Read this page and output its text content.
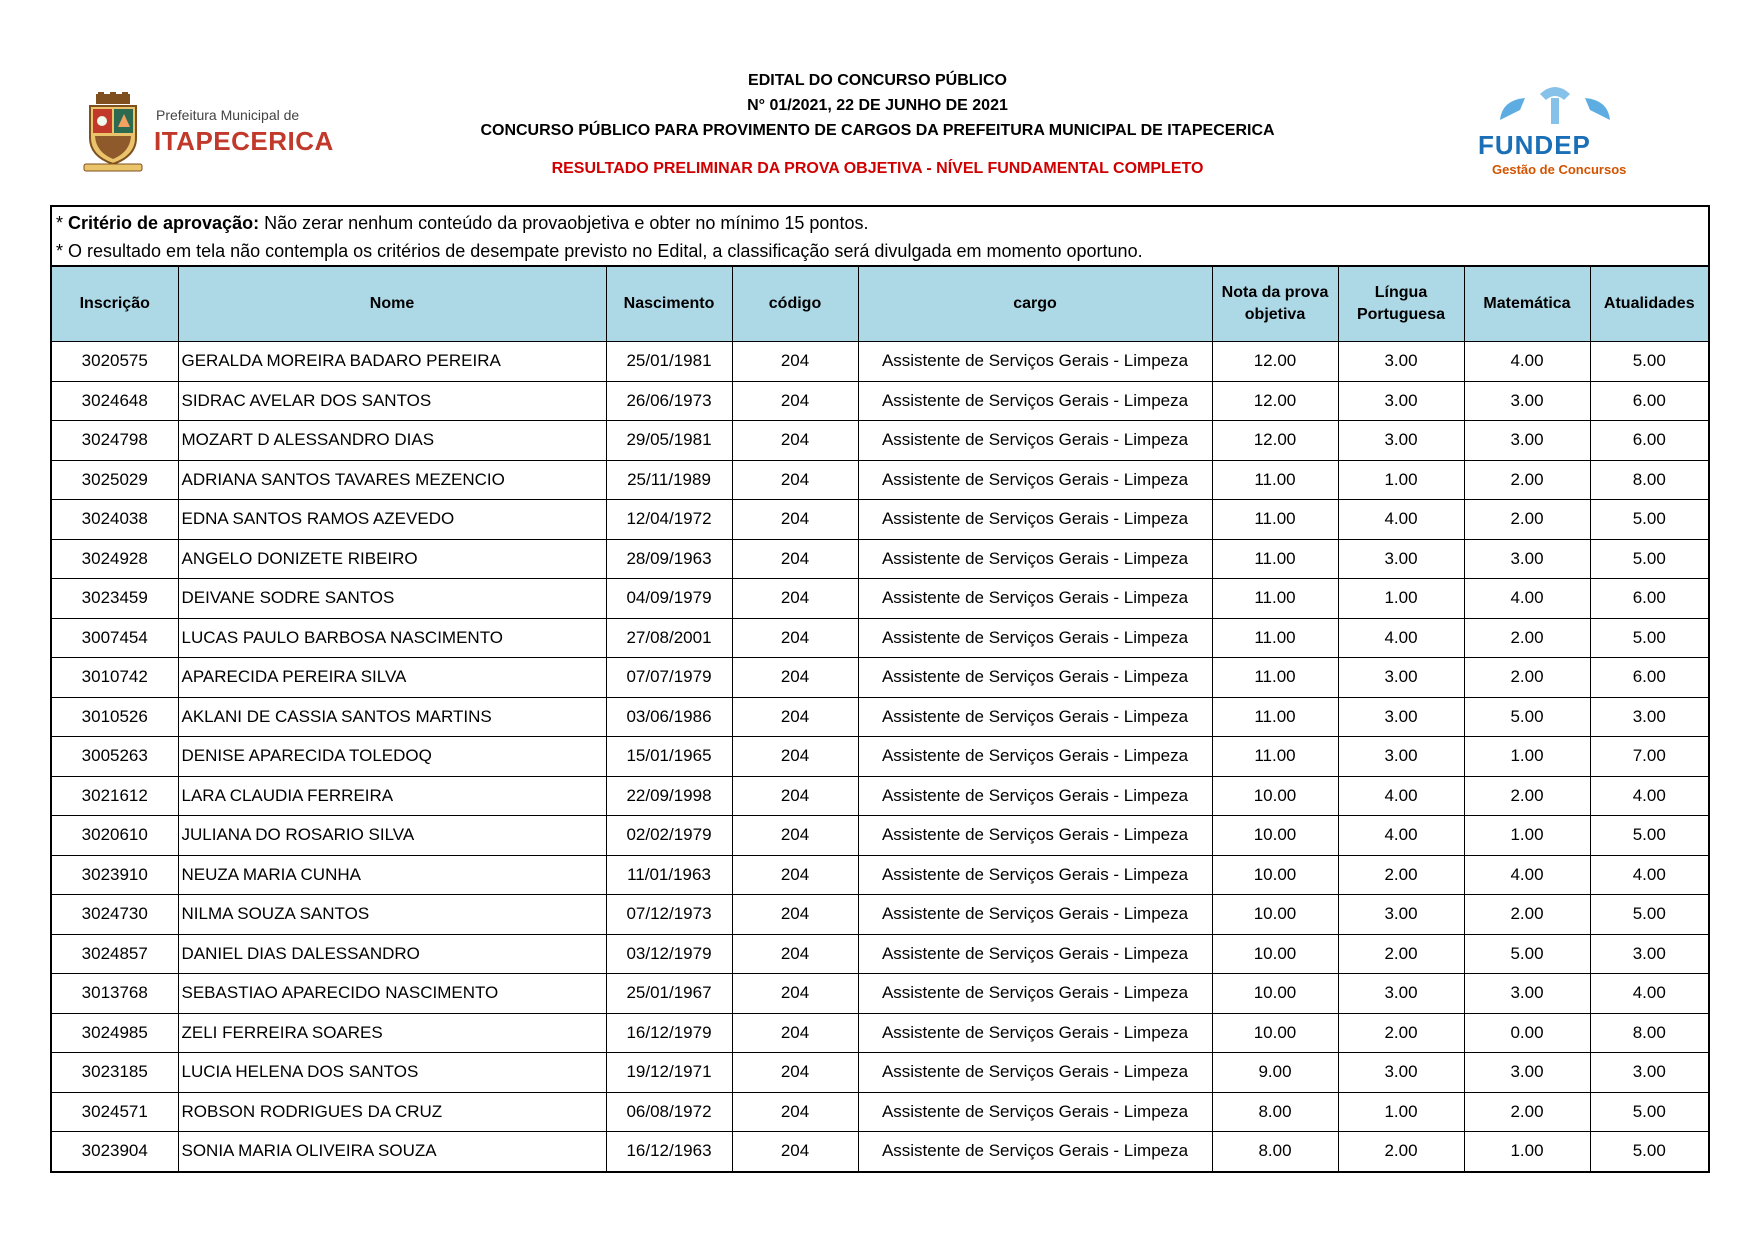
Prefeitura Municipal de
ITAPECERICA
EDITAL DO CONCURSO PÚBLICO
N° 01/2021, 22 DE JUNHO DE 2021
CONCURSO PÚBLICO PARA PROVIMENTO DE CARGOS DA PREFEITURA MUNICIPAL DE ITAPECERICA
RESULTADO PRELIMINAR DA PROVA OBJETIVA - NÍVEL FUNDAMENTAL COMPLETO
FUNDEP
Gestão de Concursos
* Critério de aprovação: Não zerar nenhum conteúdo da provaobjetiva e obter no mínimo 15 pontos.
* O resultado em tela não contempla os critérios de desempate previsto no Edital, a classificação será divulgada em momento oportuno.
Inscrição	Nome	Nascimento	código	cargo	Nota da prova objetiva	Língua Portuguesa	Matemática	Atualidades
3020575	GERALDA MOREIRA BADARO PEREIRA	25/01/1981	204	Assistente de Serviços Gerais - Limpeza	12.00	3.00	4.00	5.00
3024648	SIDRAC AVELAR DOS SANTOS	26/06/1973	204	Assistente de Serviços Gerais - Limpeza	12.00	3.00	3.00	6.00
3024798	MOZART D ALESSANDRO DIAS	29/05/1981	204	Assistente de Serviços Gerais - Limpeza	12.00	3.00	3.00	6.00
3025029	ADRIANA SANTOS TAVARES MEZENCIO	25/11/1989	204	Assistente de Serviços Gerais - Limpeza	11.00	1.00	2.00	8.00
3024038	EDNA SANTOS RAMOS AZEVEDO	12/04/1972	204	Assistente de Serviços Gerais - Limpeza	11.00	4.00	2.00	5.00
3024928	ANGELO DONIZETE RIBEIRO	28/09/1963	204	Assistente de Serviços Gerais - Limpeza	11.00	3.00	3.00	5.00
3023459	DEIVANE SODRE SANTOS	04/09/1979	204	Assistente de Serviços Gerais - Limpeza	11.00	1.00	4.00	6.00
3007454	LUCAS PAULO BARBOSA NASCIMENTO	27/08/2001	204	Assistente de Serviços Gerais - Limpeza	11.00	4.00	2.00	5.00
3010742	APARECIDA PEREIRA SILVA	07/07/1979	204	Assistente de Serviços Gerais - Limpeza	11.00	3.00	2.00	6.00
3010526	AKLANI DE CASSIA SANTOS MARTINS	03/06/1986	204	Assistente de Serviços Gerais - Limpeza	11.00	3.00	5.00	3.00
3005263	DENISE APARECIDA TOLEDOQ	15/01/1965	204	Assistente de Serviços Gerais - Limpeza	11.00	3.00	1.00	7.00
3021612	LARA CLAUDIA FERREIRA	22/09/1998	204	Assistente de Serviços Gerais - Limpeza	10.00	4.00	2.00	4.00
3020610	JULIANA DO ROSARIO SILVA	02/02/1979	204	Assistente de Serviços Gerais - Limpeza	10.00	4.00	1.00	5.00
3023910	NEUZA MARIA CUNHA	11/01/1963	204	Assistente de Serviços Gerais - Limpeza	10.00	2.00	4.00	4.00
3024730	NILMA SOUZA SANTOS	07/12/1973	204	Assistente de Serviços Gerais - Limpeza	10.00	3.00	2.00	5.00
3024857	DANIEL DIAS DALESSANDRO	03/12/1979	204	Assistente de Serviços Gerais - Limpeza	10.00	2.00	5.00	3.00
3013768	SEBASTIAO APARECIDO NASCIMENTO	25/01/1967	204	Assistente de Serviços Gerais - Limpeza	10.00	3.00	3.00	4.00
3024985	ZELI FERREIRA SOARES	16/12/1979	204	Assistente de Serviços Gerais - Limpeza	10.00	2.00	0.00	8.00
3023185	LUCIA HELENA DOS SANTOS	19/12/1971	204	Assistente de Serviços Gerais - Limpeza	9.00	3.00	3.00	3.00
3024571	ROBSON RODRIGUES DA CRUZ	06/08/1972	204	Assistente de Serviços Gerais - Limpeza	8.00	1.00	2.00	5.00
3023904	SONIA MARIA OLIVEIRA SOUZA	16/12/1963	204	Assistente de Serviços Gerais - Limpeza	8.00	2.00	1.00	5.00
